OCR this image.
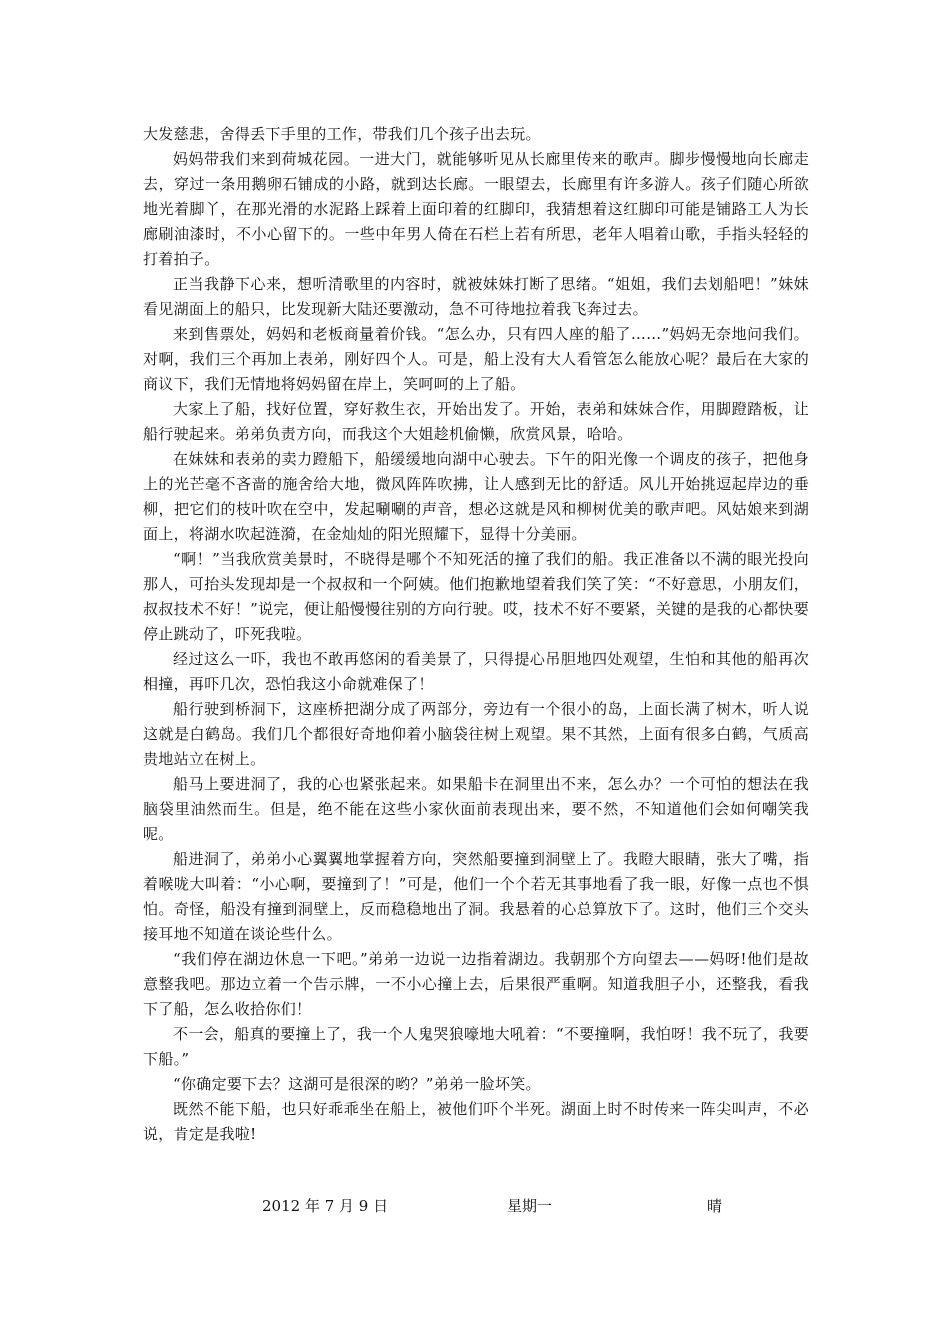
大发慈悲，舍得丢下手里的工作，带我们几个孩子出去玩。

妈妈带我们来到荷城花园。一进大门，就能够听见从长廊里传来的歌声。脚步慢慢地向长廊走去，穿过一条用鹅卵石铺成的小路，就到达长廊。一眼望去，长廊里有许多游人。孩子们随心所欲地光着脚丫，在那光滑的水泥路上踩着上面印着的红脚印，我猜想着这红脚印可能是铺路工人为长廊刷油漆时，不小心留下的。一些中年男人倚在石栏上若有所思，老年人唱着山歌，手指头轻轻的打着拍子。

正当我静下心来，想听清歌里的内容时，就被妹妹打断了思绪。“姐姐，我们去划船吧！”妹妹看见湖面上的船只，比发现新大陆还要激动，急不可待地拉着我飞奔过去。

来到售票处，妈妈和老板商量着价钱。“怎么办，只有四人座的船了……”妈妈无奈地问我们。对啊，我们三个再加上表弟，刚好四个人。可是，船上没有大人看管怎么能放心呢？最后在大家的商议下，我们无情地将妈妈留在岸上，笑呵呵的上了船。

大家上了船，找好位置，穿好救生衣，开始出发了。开始，表弟和妹妹合作，用脚蹬踏板，让船行驶起来。弟弟负责方向，而我这个大姐趁机偷懒，欣赏风景，哈哈。

在妹妹和表弟的卖力蹬船下，船缓缓地向湖中心驶去。下午的阳光像一个调皮的孩子，把他身上的光芒毫不吝啬的施舍给大地，微风阵阵吹拂，让人感到无比的舒适。风儿开始挑逗起岸边的垂柳，把它们的枝叶吹在空中，发起唰唰的声音，想必这就是风和柳树优美的歌声吧。风姑娘来到湖面上，将湖水吹起涟漪，在金灿灿的阳光照耀下，显得十分美丽。

“啊！”当我欣赏美景时，不晓得是哪个不知死活的撞了我们的船。我正准备以不满的眼光投向那人，可抬头发现却是一个叔叔和一个阿姨。他们抱歉地望着我们笑了笑：“不好意思，小朋友们，叔叔技术不好！”说完，便让船慢慢往别的方向行驶。哎，技术不好不要紧，关键的是我的心都快要停止跳动了，吓死我啦。

经过这么一吓，我也不敢再悠闲的看美景了，只得提心吊胆地四处观望，生怕和其他的船再次相撞，再吓几次，恐怕我这小命就难保了！

船行驶到桥洞下，这座桥把湖分成了两部分，旁边有一个很小的岛，上面长满了树木，听人说这就是白鹤岛。我们几个都很好奇地仰着小脑袋往树上观望。果不其然，上面有很多白鹤，气质高贵地站立在树上。

船马上要进洞了，我的心也紧张起来。如果船卡在洞里出不来，怎么办？一个可怕的想法在我脑袋里油然而生。但是，绝不能在这些小家伙面前表现出来，要不然，不知道他们会如何嘲笑我呢。

船进洞了，弟弟小心翼翼地掌握着方向，突然船要撞到洞壁上了。我瞪大眼睛，张大了嘴，指着喉咙大叫着：“小心啊，要撞到了！”可是，他们一个个若无其事地看了我一眼，好像一点也不惧怕。奇怪，船没有撞到洞壁上，反而稳稳地出了洞。我悬着的心总算放下了。这时，他们三个交头接耳地不知道在谈论些什么。

“我们停在湖边休息一下吧。”弟弟一边说一边指着湖边。我朝那个方向望去——妈呀!他们是故意整我吧。那边立着一个告示牌，一不小心撞上去，后果很严重啊。知道我胆子小，还整我，看我下了船，怎么收拾你们！

不一会，船真的要撞上了，我一个人鬼哭狼嚎地大吼着：“不要撞啊，我怕呀！我不玩了，我要下船。”

“你确定要下去？这湖可是很深的哟？”弟弟一脸坏笑。

既然不能下船，也只好乖乖坐在船上，被他们吓个半死。湖面上时不时传来一阵尖叫声，不必说，肯定是我啦!

2012 年 7 月 9 日	星期一	晴
